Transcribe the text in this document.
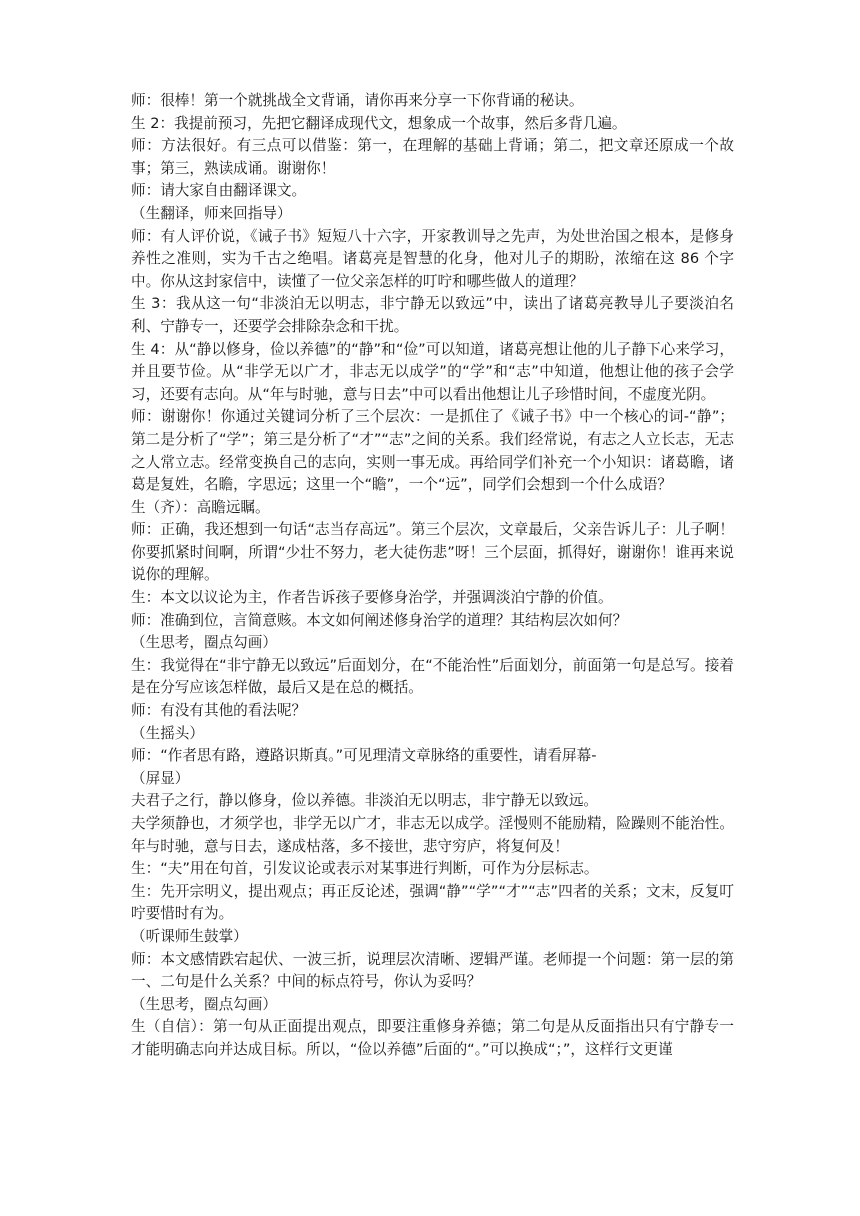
师：很棒！第一个就挑战全文背诵，请你再来分享一下你背诵的秘诀。

生 2：我提前预习，先把它翻译成现代文，想象成一个故事，然后多背几遍。

师：方法很好。有三点可以借鉴：第一，在理解的基础上背诵；第二，把文章还原成一个故事；第三，熟读成诵。谢谢你！

师：请大家自由翻译课文。

（生翻译，师来回指导）

师：有人评价说，《诫子书》短短八十六字，开家教训导之先声，为处世治国之根本，是修身养性之准则，实为千古之绝唱。诸葛亮是智慧的化身，他对儿子的期盼，浓缩在这 86 个字中。你从这封家信中，读懂了一位父亲怎样的叮咛和哪些做人的道理？

生 3：我从这一句“非淡泊无以明志，非宁静无以致远”中，读出了诸葛亮教导儿子要淡泊名利、宁静专一，还要学会排除杂念和干扰。

生 4：从“静以修身，俭以养德”的“静”和“俭”可以知道，诸葛亮想让他的儿子静下心来学习，并且要节俭。从“非学无以广才，非志无以成学”的“学”和“志”中知道，他想让他的孩子会学习，还要有志向。从“年与时驰，意与日去”中可以看出他想让儿子珍惜时间，不虚度光阴。

师：谢谢你！你通过关键词分析了三个层次：一是抓住了《诫子书》中一个核心的词-“静”；第二是分析了“学”；第三是分析了“才”“志”之间的关系。我们经常说，有志之人立长志，无志之人常立志。经常变换自己的志向，实则一事无成。再给同学们补充一个小知识：诸葛瞻，诸葛是复姓，名瞻，字思远；这里一个“瞻”，一个“远”，同学们会想到一个什么成语？

生（齐）：高瞻远瞩。

师：正确，我还想到一句话“志当存高远”。第三个层次，文章最后，父亲告诉儿子：儿子啊！你要抓紧时间啊，所谓“少壮不努力，老大徒伤悲”呀！三个层面，抓得好，谢谢你！谁再来说说你的理解。

生：本文以议论为主，作者告诉孩子要修身治学，并强调淡泊宁静的价值。

师：准确到位，言简意赅。本文如何阐述修身治学的道理？其结构层次如何？

（生思考，圈点勾画）

生：我觉得在“非宁静无以致远”后面划分，在“不能治性”后面划分，前面第一句是总写。接着是在分写应该怎样做，最后又是在总的概括。

师：有没有其他的看法呢？

（生摇头）

师：“作者思有路，遵路识斯真。”可见理清文章脉络的重要性，请看屏幕-

（屏显）

夫君子之行，静以修身，俭以养德。非淡泊无以明志，非宁静无以致远。

夫学须静也，才须学也，非学无以广才，非志无以成学。淫慢则不能励精，险躁则不能治性。年与时驰，意与日去，遂成枯落，多不接世，悲守穷庐，将复何及！

生：“夫”用在句首，引发议论或表示对某事进行判断，可作为分层标志。

生：先开宗明义，提出观点；再正反论述，强调“静”“学”“才”“志”四者的关系；文末，反复叮咛要惜时有为。

（听课师生鼓掌）

师：本文感情跌宕起伏、一波三折，说理层次清晰、逻辑严谨。老师提一个问题：第一层的第一、二句是什么关系？中间的标点符号，你认为妥吗？

（生思考，圈点勾画）

生（自信）：第一句从正面提出观点，即要注重修身养德；第二句是从反面指出只有宁静专一才能明确志向并达成目标。所以，“俭以养德”后面的“。”可以换成“；”，这样行文更谨
